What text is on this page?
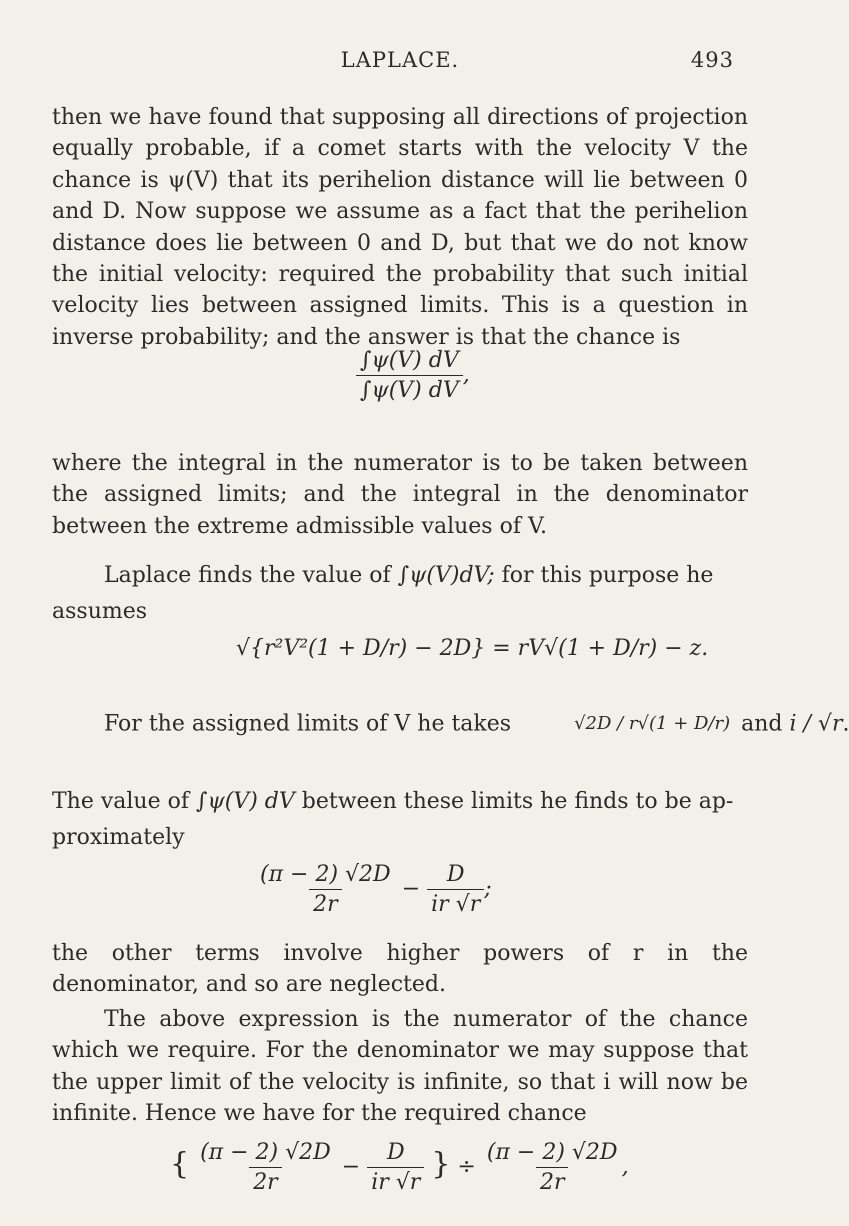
LAPLACE.	493

then we have found that supposing all directions of projection equally probable, if a comet starts with the velocity V the chance is ψ(V) that its perihelion distance will lie between 0 and D. Now suppose we assume as a fact that the perihelion distance does lie between 0 and D, but that we do not know the initial velocity: required the probability that such initial velocity lies between assigned limits. This is a question in inverse probability; and the answer is that the chance is

$\frac{\int\psi(V) dV}{\int\psi(V) dV}$ ,

where the integral in the numerator is to be taken between the assigned limits; and the integral in the denominator between the extreme admissible values of V.

Laplace finds the value of ∫ψ(V)dV; for this purpose he
assumes
√{r²V²(1 + D/r) − 2D} = rV√(1 + D/r) − z.
For the assigned limits of V he takes	√2D / r√(1 + D/r) and i / √r.
The value of ∫ψ(V) dV between these limits he finds to be ap-
proximately
$\frac{(\pi - 2) √2D}{2r} - \frac{D}{ir √r}$ ;

the other terms involve higher powers of r in the denominator, and so are neglected.

The above expression is the numerator of the chance which we require. For the denominator we may suppose that the upper limit of the velocity is infinite, so that i will now be infinite. Hence we have for the required chance

{ $\frac{(\pi - 2) √2D}{2r} - \frac{D}{ir √r}$ } ÷ $\frac{(\pi - 2) √2D}{2r}$ ,
